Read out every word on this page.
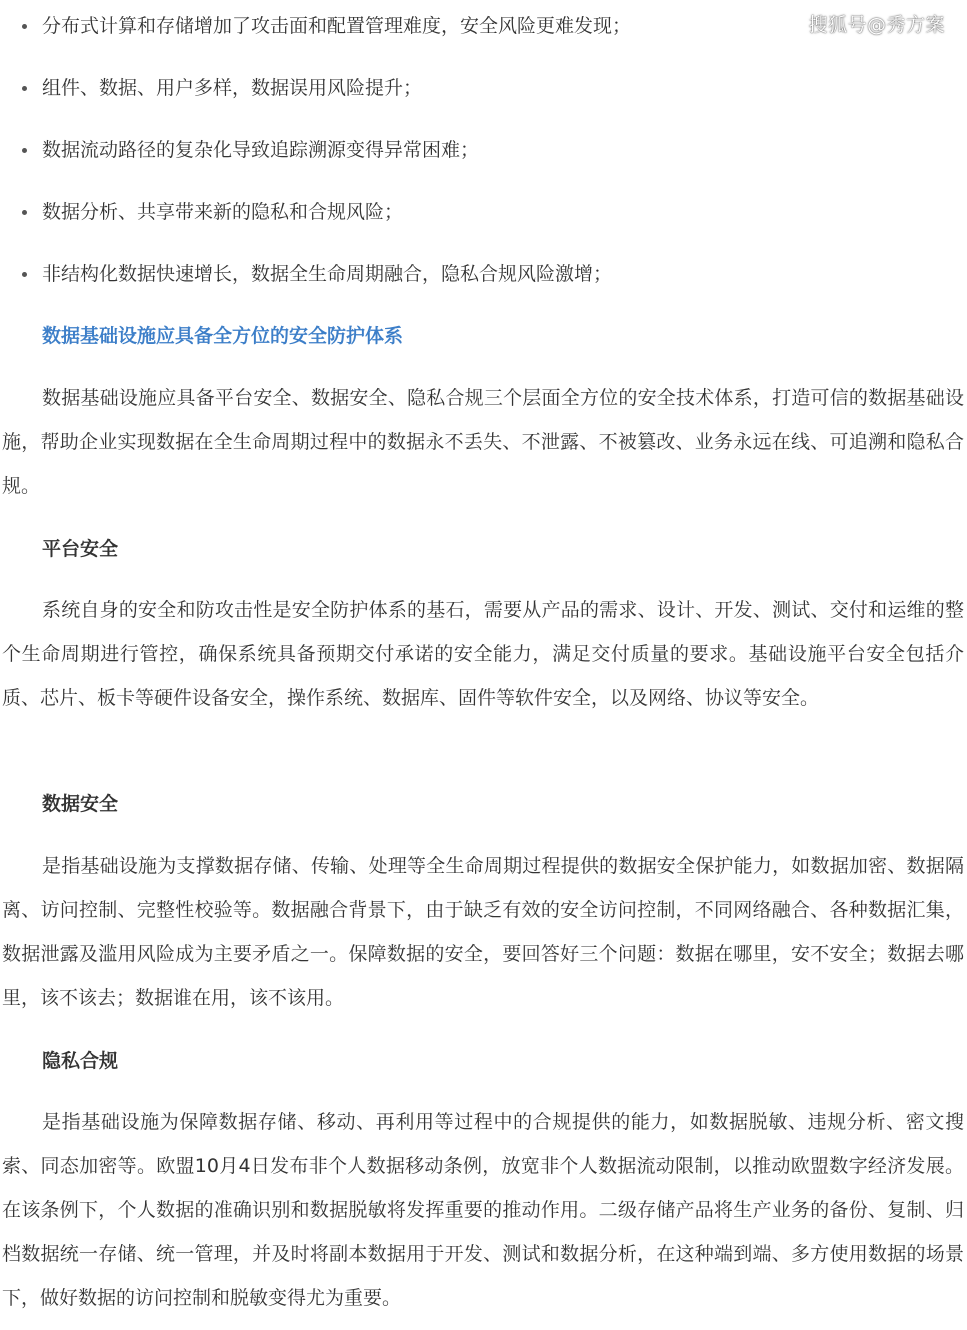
搜狐号@秀方案
分布式计算和存储增加了攻击面和配置管理难度，安全风险更难发现；
组件、数据、用户多样，数据误用风险提升；
数据流动路径的复杂化导致追踪溯源变得异常困难；
数据分析、共享带来新的隐私和合规风险；
非结构化数据快速增长，数据全生命周期融合，隐私合规风险激增；
数据基础设施应具备全方位的安全防护体系

数据基础设施应具备平台安全、数据安全、隐私合规三个层面全方位的安全技术体系，打造可信的数据基础设施，帮助企业实现数据在全生命周期过程中的数据永不丢失、不泄露、不被篡改、业务永远在线、可追溯和隐私合规。

平台安全

系统自身的安全和防攻击性是安全防护体系的基石，需要从产品的需求、设计、开发、测试、交付和运维的整个生命周期进行管控，确保系统具备预期交付承诺的安全能力，满足交付质量的要求。基础设施平台安全包括介质、芯片、板卡等硬件设备安全，操作系统、数据库、固件等软件安全，以及网络、协议等安全。

数据安全

是指基础设施为支撑数据存储、传输、处理等全生命周期过程提供的数据安全保护能力，如数据加密、数据隔离、访问控制、完整性校验等。数据融合背景下，由于缺乏有效的安全访问控制，不同网络融合、各种数据汇集，数据泄露及滥用风险成为主要矛盾之一。保障数据的安全，要回答好三个问题：数据在哪里，安不安全；数据去哪里，该不该去；数据谁在用，该不该用。

隐私合规

是指基础设施为保障数据存储、移动、再利用等过程中的合规提供的能力，如数据脱敏、违规分析、密文搜索、同态加密等。欧盟10月4日发布非个人数据移动条例，放宽非个人数据流动限制，以推动欧盟数字经济发展。在该条例下，个人数据的准确识别和数据脱敏将发挥重要的推动作用。二级存储产品将生产业务的备份、复制、归档数据统一存储、统一管理，并及时将副本数据用于开发、测试和数据分析，在这种端到端、多方使用数据的场景下，做好数据的访问控制和脱敏变得尤为重要。
